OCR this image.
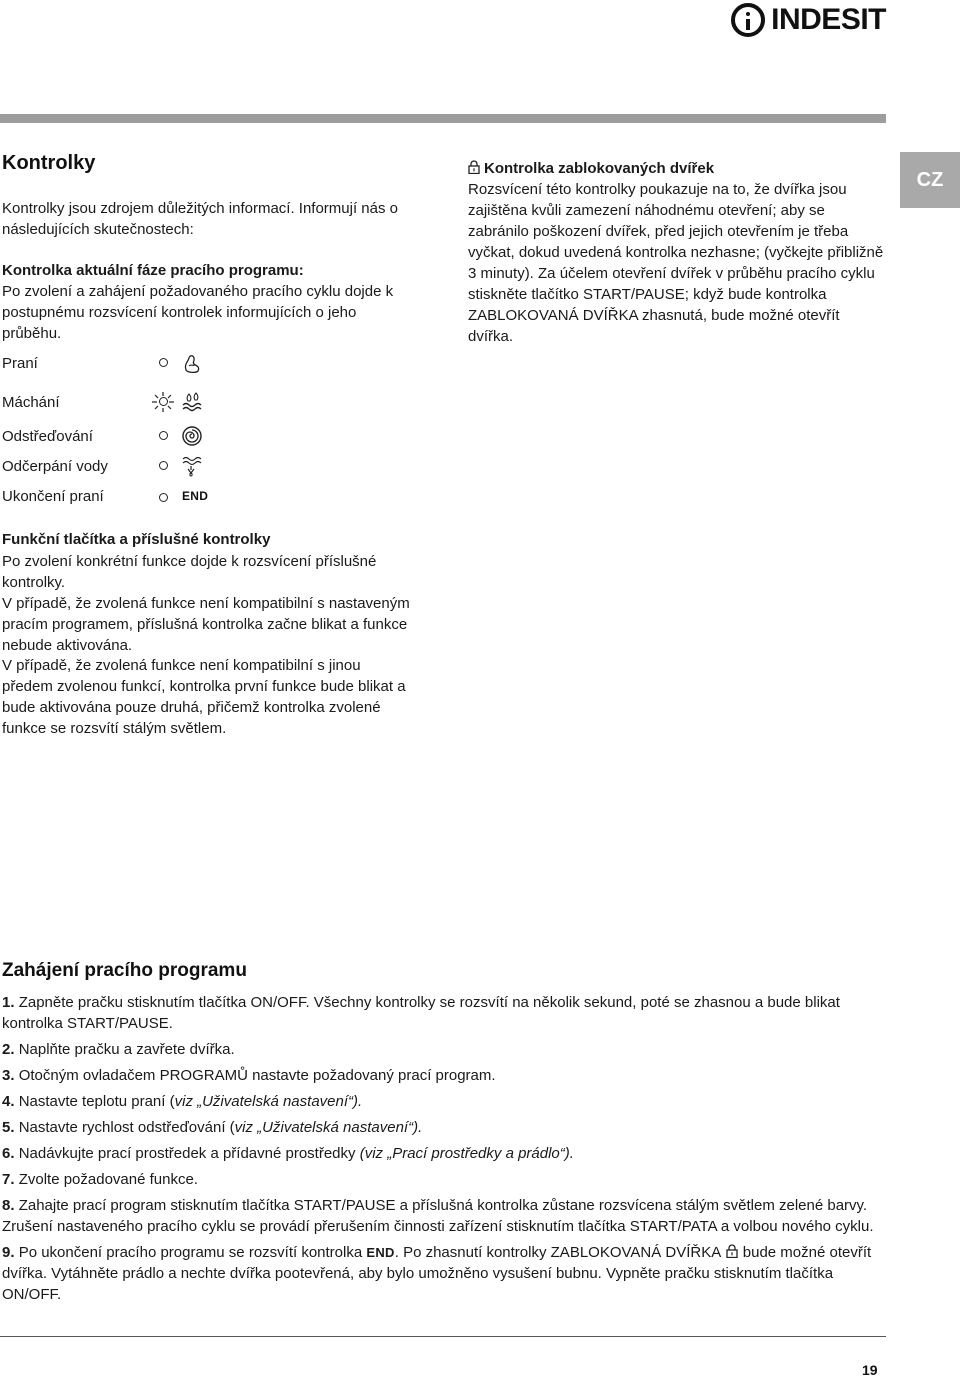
INDESIT
CZ
Kontrolky
Kontrolky jsou zdrojem důležitých informací. Informují nás o následujících skutečnostech:
Kontrolka aktuální fáze pracího programu:
Po zvolení a zahájení požadovaného pracího cyklu dojde k postupnému rozsvícení kontrolek informujících o jeho průběhu.
Praní
Máchání
Odstřeďování
Odčerpání vody
Ukončení praní	END
Funkční tlačítka a příslušné kontrolky
Po zvolení konkrétní funkce dojde k rozsvícení příslušné kontrolky.
V případě, že zvolená funkce není kompatibilní s nastaveným pracím programem, příslušná kontrolka začne blikat a funkce nebude aktivována.
V případě, že zvolená funkce není kompatibilní s jinou předem zvolenou funkcí, kontrolka první funkce bude blikat a bude aktivována pouze druhá, přičemž kontrolka zvolené funkce se rozsvítí stálým světlem.
Kontrolka zablokovaných dvířek
Rozsvícení této kontrolky poukazuje na to, že dvířka jsou zajištěna kvůli zamezení náhodnému otevření; aby se zabránilo poškození dvířek, před jejich otevřením je třeba vyčkat, dokud uvedená kontrolka nezhasne; (vyčkejte přibližně 3 minuty). Za účelem otevření dvířek v průběhu pracího cyklu stiskněte tlačítko START/PAUSE; když bude kontrolka ZABLOKOVANÁ DVÍŘKA zhasnutá, bude možné otevřít dvířka.
Zahájení pracího programu

1. Zapněte pračku stisknutím tlačítka ON/OFF. Všechny kontrolky se rozsvítí na několik sekund, poté se zhasnou a bude blikat kontrolka START/PAUSE.

2. Naplňte pračku a zavřete dvířka.

3. Otočným ovladačem PROGRAMŮ nastavte požadovaný prací program.

4. Nastavte teplotu praní (viz „Uživatelská nastavení“).

5. Nastavte rychlost odstřeďování (viz „Uživatelská nastavení“).

6. Nadávkujte prací prostředek a přídavné prostředky (viz „Prací prostředky a prádlo“).

7. Zvolte požadované funkce.

8. Zahajte prací program stisknutím tlačítka START/PAUSE a příslušná kontrolka zůstane rozsvícena stálým světlem zelené barvy. Zrušení nastaveného pracího cyklu se provádí přerušením činnosti zařízení stisknutím tlačítka START/PATA a volbou nového cyklu.

9. Po ukončení pracího programu se rozsvítí kontrolka END. Po zhasnutí kontrolky ZABLOKOVANÁ DVÍŘKA  bude možné otevřít dvířka. Vytáhněte prádlo a nechte dvířka pootevřená, aby bylo umožněno vysušení bubnu. Vypněte pračku stisknutím tlačítka ON/OFF.

19
